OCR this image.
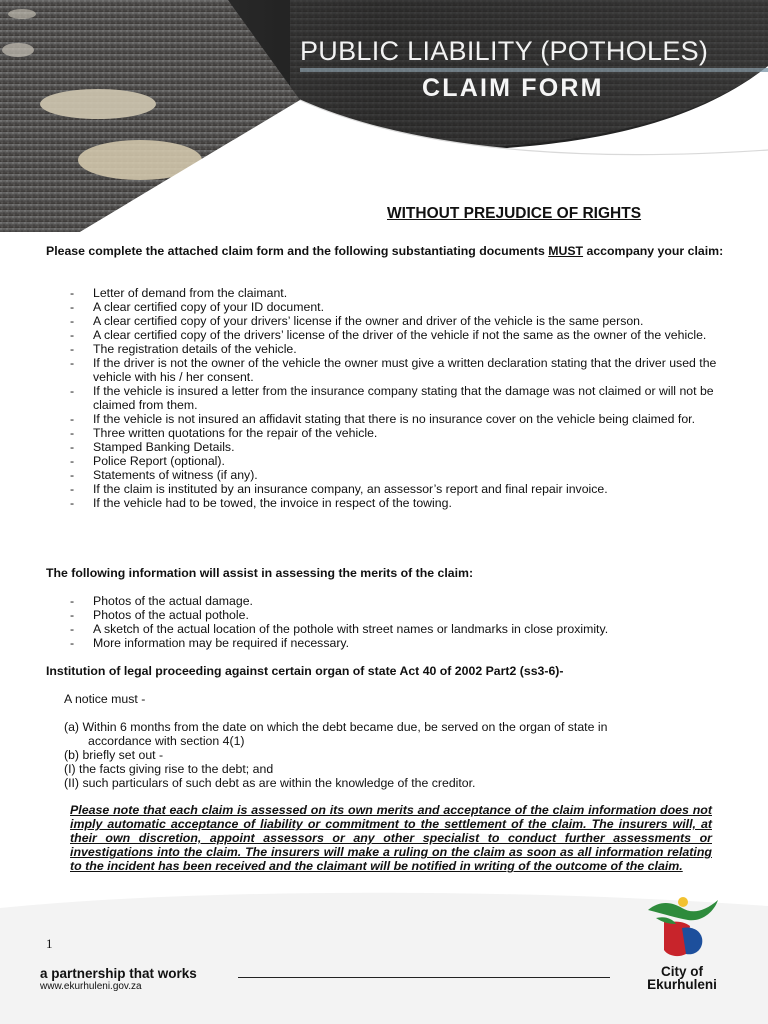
PUBLIC LIABILITY (POTHOLES)
CLAIM FORM
WITHOUT PREJUDICE OF RIGHTS
Please complete the attached claim form and the following substantiating documents MUST accompany your claim:
- Letter of demand from the claimant.
- A clear certified copy of your ID document.
- A clear certified copy of your drivers’ license if the owner and driver of the vehicle is the same person.
- A clear certified copy of the drivers’ license of the driver of the vehicle if not the same as the owner of the vehicle.
- The registration details of the vehicle.
- If the driver is not the owner of the vehicle the owner must give a written declaration stating that the driver used the vehicle with his / her consent.
- If the vehicle is insured a letter from the insurance company stating that the damage was not claimed or will not be claimed from them.
- If the vehicle is not insured an affidavit stating that there is no insurance cover on the vehicle being claimed for.
- Three written quotations for the repair of the vehicle.
- Stamped Banking Details.
- Police Report (optional).
- Statements of witness (if any).
- If the claim is instituted by an insurance company, an assessor’s report and final repair invoice.
- If the vehicle had to be towed, the invoice in respect of the towing.
The following information will assist in assessing the merits of the claim:
- Photos of the actual damage.
- Photos of the actual pothole.
- A sketch of the actual location of the pothole with street names or landmarks in close proximity.
- More information may be required if necessary.
Institution of legal proceeding against certain organ of state Act 40 of 2002 Part2 (ss3-6)-
A notice must -
(a) Within 6 months from the date on which the debt became due, be served on the organ of state in
accordance with section 4(1)
(b) briefly set out -
(I) the facts giving rise to the debt; and
(II) such particulars of such debt as are within the knowledge of the creditor.
Please note that each claim is assessed on its own merits and acceptance of the claim information does not imply automatic acceptance of liability or commitment to the settlement of the claim. The insurers will, at their own discretion, appoint assessors or any other specialist to conduct further assessments or investigations into the claim. The insurers will make a ruling on the claim as soon as all information relating to the incident has been received and the claimant will be notified in writing of the outcome of the claim.
1
a partnership that works
www.ekurhuleni.gov.za
City of
Ekurhuleni
